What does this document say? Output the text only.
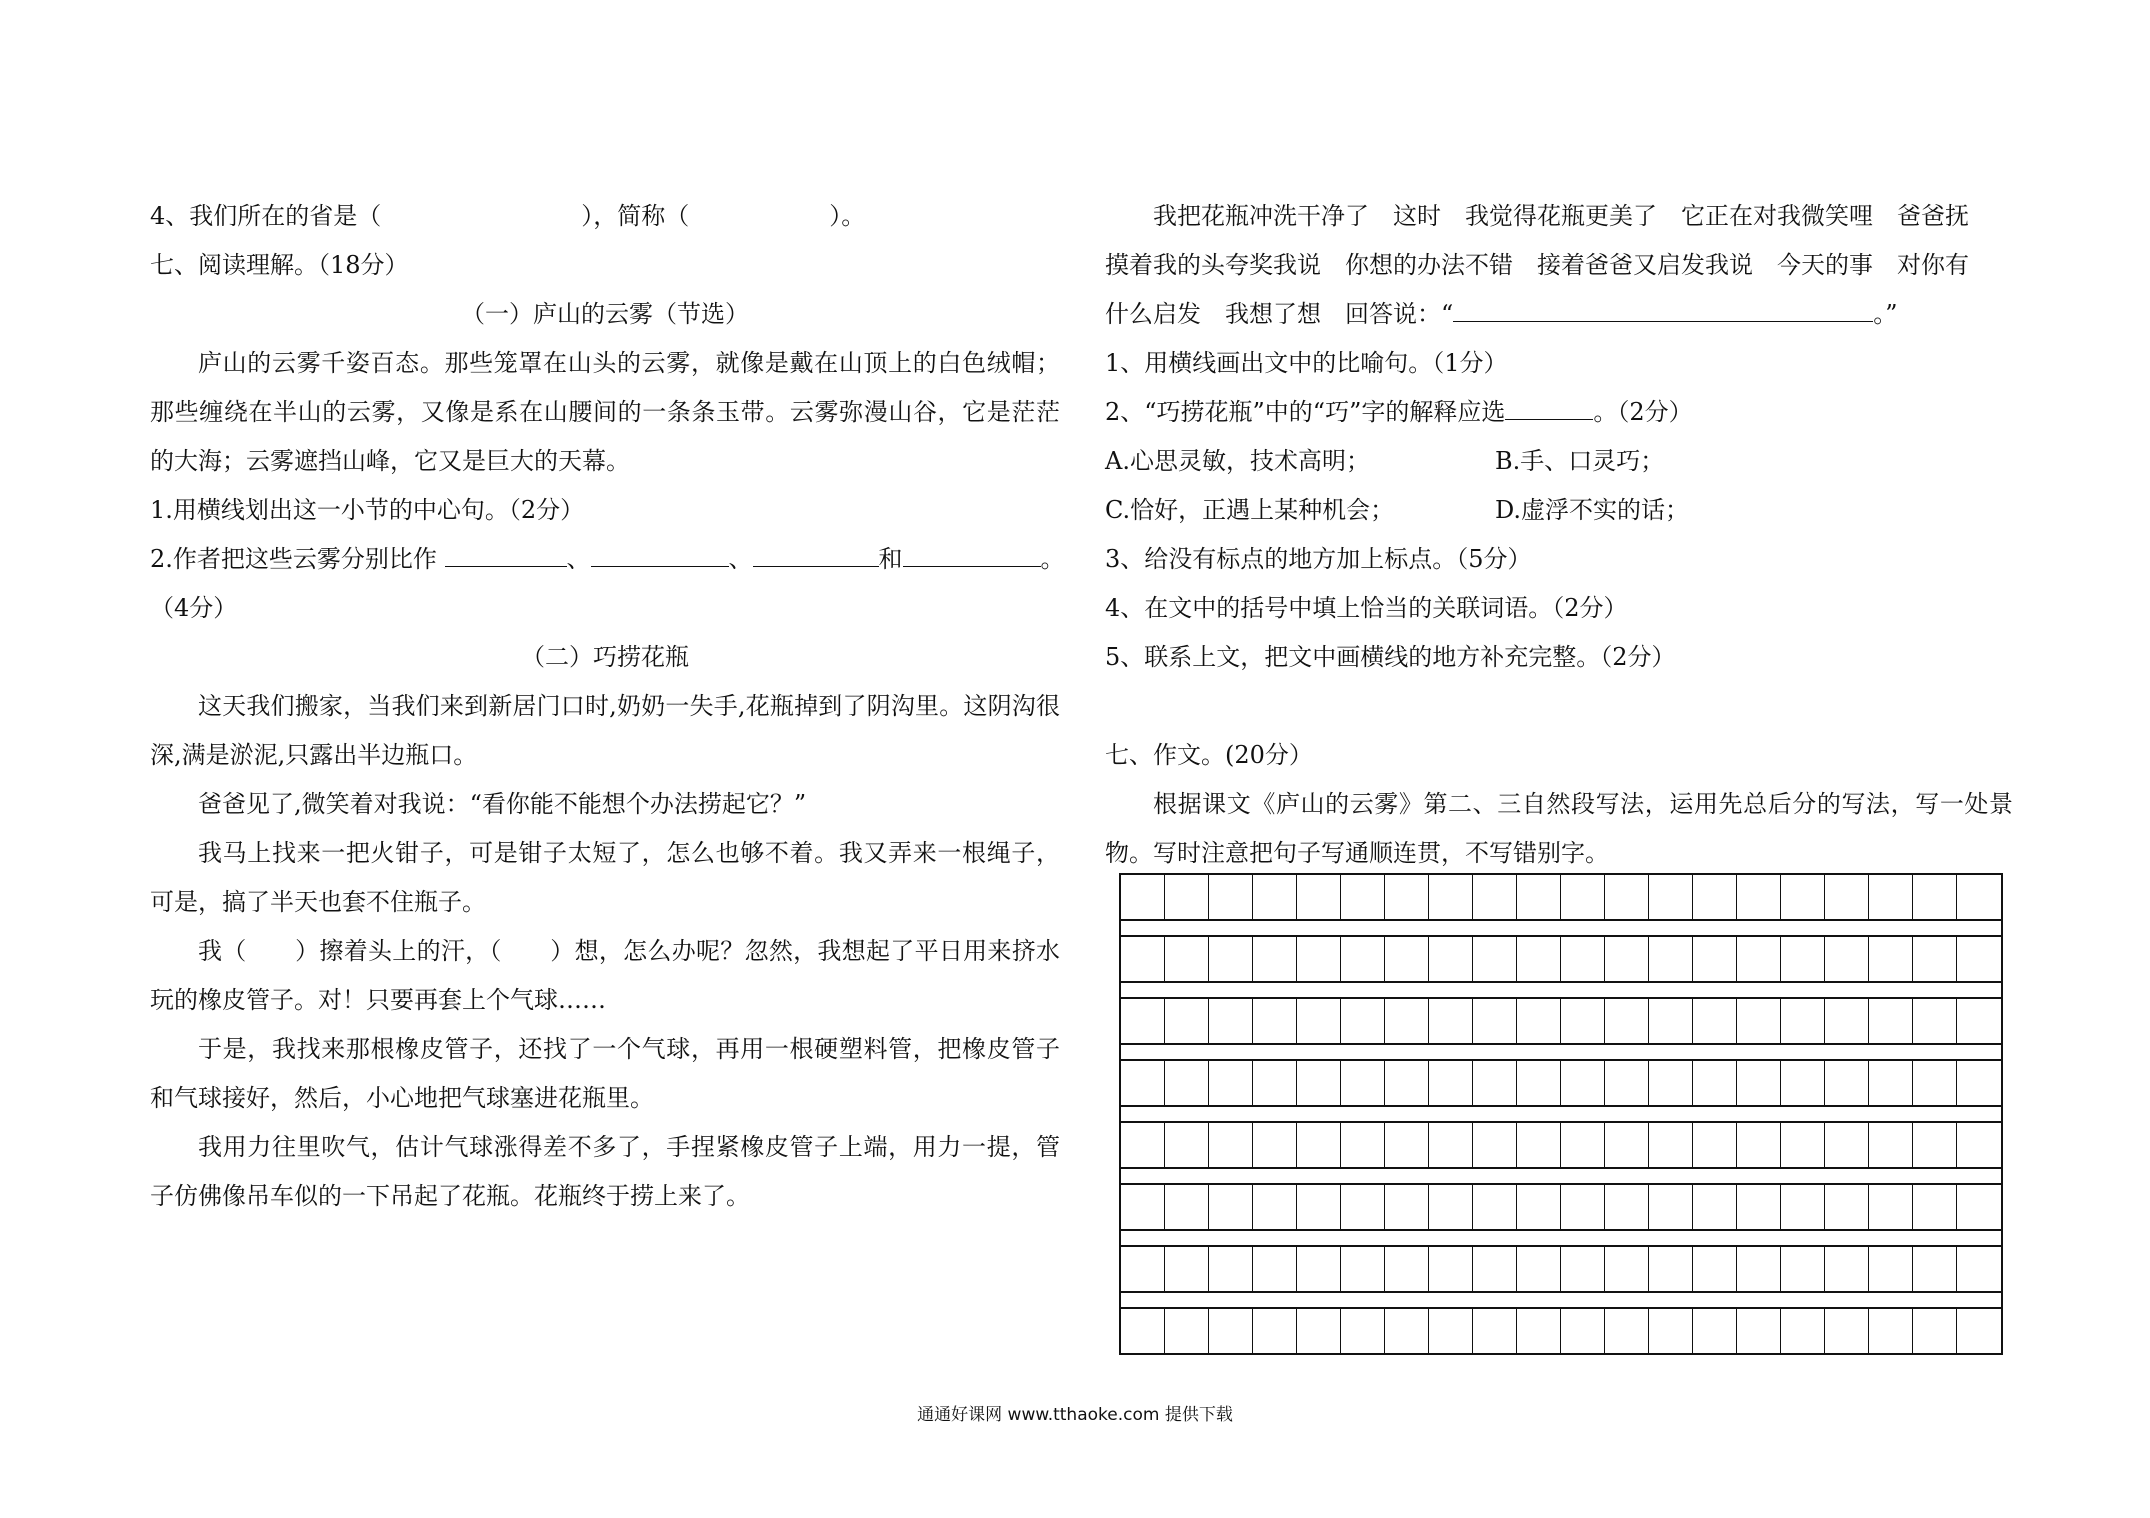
4、我们所在的省是（	），简称（	）。
七、阅读理解。（18分）
（一）庐山的云雾（节选）
庐山的云雾千姿百态。那些笼罩在山头的云雾，就像是戴在山顶上的白色绒帽；那些缠绕在半山的云雾，又像是系在山腰间的一条条玉带。云雾弥漫山谷，它是茫茫的大海；云雾遮挡山峰，它又是巨大的天幕。
1.用横线划出这一小节的中心句。（2分）
2.作者把这些云雾分别比作	、	、	和	。
（4分）
（二）巧捞花瓶
这天我们搬家，当我们来到新居门口时,奶奶一失手,花瓶掉到了阴沟里。这阴沟很深,满是淤泥,只露出半边瓶口。
爸爸见了,微笑着对我说：“看你能不能想个办法捞起它？”
我马上找来一把火钳子，可是钳子太短了，怎么也够不着。我又弄来一根绳子，可是，搞了半天也套不住瓶子。
我（　　）擦着头上的汗，（　　）想，怎么办呢？忽然，我想起了平日用来挤水玩的橡皮管子。对！只要再套上个气球……
于是，我找来那根橡皮管子，还找了一个气球，再用一根硬塑料管，把橡皮管子和气球接好，然后，小心地把气球塞进花瓶里。
我用力往里吹气，估计气球涨得差不多了，手捏紧橡皮管子上端，用力一提，管子仿佛像吊车似的一下吊起了花瓶。花瓶终于捞上来了。
我把花瓶冲洗干净了　这时　我觉得花瓶更美了　它正在对我微笑哩　爸爸抚
摸着我的头夸奖我说　你想的办法不错　接着爸爸又启发我说　今天的事　对你有
什么启发　我想了想　回答说：“	。”
1、用横线画出文中的比喻句。（1分）
2、“巧捞花瓶”中的“巧”字的解释应选	。（2分）
A.心思灵敏，技术高明；	B.手、口灵巧；
C.恰好，正遇上某种机会；	D.虚浮不实的话；
3、给没有标点的地方加上标点。（5分）
4、在文中的括号中填上恰当的关联词语。（2分）
5、联系上文，把文中画横线的地方补充完整。（2分）
七、作文。(20分）
根据课文《庐山的云雾》第二、三自然段写法，运用先总后分的写法，写一处景物。写时注意把句子写通顺连贯，不写错别字。
通通好课网 www.tthaoke.com 提供下载
